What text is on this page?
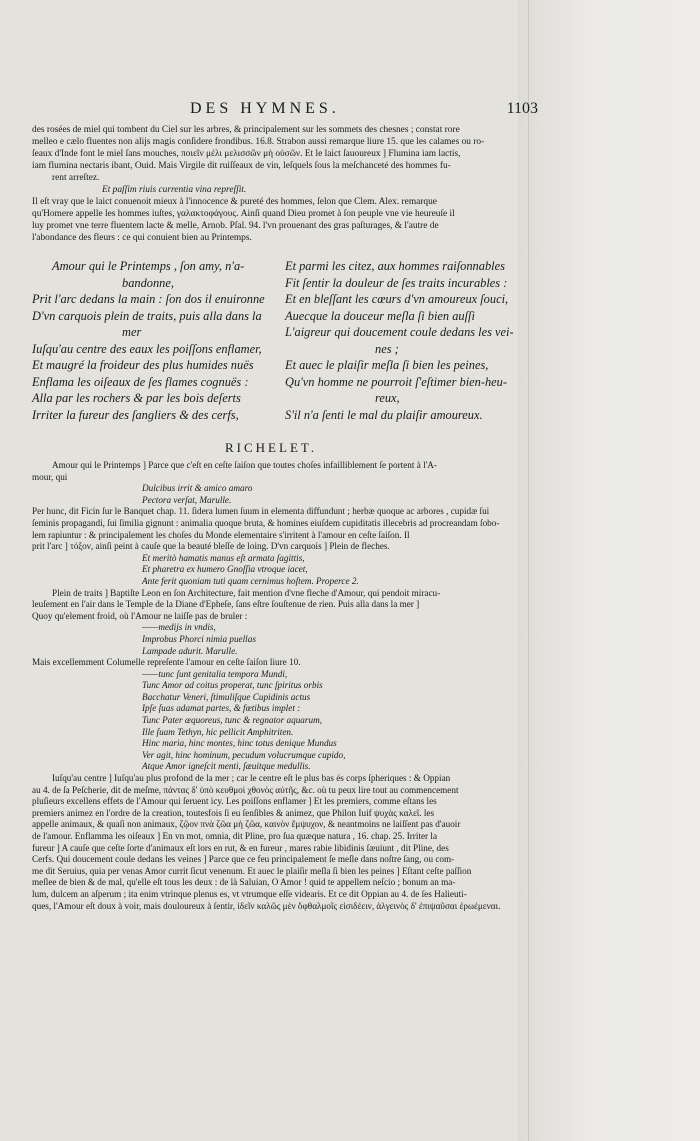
DES HYMNES.	1103

des rosées de miel qui tombent du Ciel sur les arbres, & principalement sur les sommets des chesnes ; constat rore

melleo e cælo fluentes non alijs magis conſidere frondibus. 16.8. Strabon aussi remarque liure 15. que les calames ou ro-

ſeaux d'Inde font le miel ſans mouches, ποιεῖν μέλι μελισσῶν μὴ οὐσῶν. Et le laict ſauoureux ] Flumina iam lactis,

iam flumina nectaris ibant, Ouid. Mais Virgile dit ruiſſeaux de vin, leſquels ſous la meſchanceté des hommes fu-

rent arreſtez.

Et paſſim riuis currentia vina repreſſit.

Il eſt vray que le laict conuenoit mieux à l'innocence & pureté des hommes, ſelon que Clem. Alex. remarque

qu'Homere appelle les hommes iuſtes, γαλακτοφάγους. Ainſi quand Dieu promet à ſon peuple vne vie heureuſe il

luy promet vne terre fluentem lacte & melle, Arnob. Pſal. 94. l'vn prouenant des gras paſturages, & l'autre de

l'abondance des fleurs : ce qui conuient bien au Printemps.

Amour qui le Printemps , ſon amy, n'a-
bandonne,
Prit l'arc dedans la main : ſon dos il enuironne
D'vn carquois plein de traits, puis alla dans la
mer
Iuſqu'au centre des eaux les poiſſons enflamer,
Et maugré la froideur des plus humides nuës
Enflama les oiſeaux de ſes flames cognuës :
Alla par les rochers & par les bois deſerts
Irriter la fureur des ſangliers & des cerfs,
Et parmi les citez, aux hommes raiſonnables
Fit ſentir la douleur de ſes traits incurables :
Et en bleſſant les cœurs d'vn amoureux ſouci,
Auecque la douceur meſla ſi bien auſſi
L'aigreur qui doucement coule dedans les vei-
nes ;
Et auec le plaiſir meſla ſi bien les peines,
Qu'vn homme ne pourroit ſ'eſtimer bien-heu-
reux,
S'il n'a ſenti le mal du plaiſir amoureux.
RICHELET.

Amour qui le Printemps ] Parce que c'eſt en ceſte ſaiſon que toutes choſes infailliblement ſe portent à l'A-

mour, qui

Dulcibus irrit & amico amaro

Pectora verſat, Marulle.

Per hunc, dit Ficin ſur le Banquet chap. 11. ſidera lumen ſuum in elementa diffundunt ; herbæ quoque ac arbores , cupidæ ſui

ſeminis propagandi, ſui ſimilia gignunt : animalia quoque bruta, & homines eiuſdem cupiditatis illecebris ad procreandam ſobo-

lem rapiuntur : & principalement les choſes du Monde elementaire s'irritent à l'amour en ceſte ſaiſon. Il

prit l'arc ] τόξον, ainſi peint à cauſe que la beauté bleſſe de loing. D'vn carquois ] Plein de fleches.

Et meritò hamatis manus eſt armata ſagittis,

Et pharetra ex humero Gnoſſia vtroque iacet,

Ante ferit quoniam tuti quam cernimus hoſtem. Properce 2.

Plein de traits ] Baptiſte Leon en ſon Architecture, fait mention d'vne fleche d'Amour, qui pendoit miracu-

leuſement en l'air dans le Temple de la Diane d'Epheſe, ſans eſtre ſouſtenue de rien. Puis alla dans la mer ]

Quoy qu'element froid, où l'Amour ne laiſſe pas de bruler :

——medijs in vndis,

Improbus Phorci nimia puellas

Lampade adurit. Marulle.

Mais excellemment Columelle repreſente l'amour en ceſte ſaiſon liure 10.

——tunc ſunt genitalia tempora Mundi,

Tunc Amor ad coitus properat, tunc ſpiritus orbis

Bacchatur Veneri, ſtimuliſque Cupidinis actus

Ipſe ſuas adamat partes, & fœtibus implet :

Tunc Pater æquoreus, tunc & regnator aquarum,

Ille ſuam Tethyn, hic pellicit Amphitriten.

Hinc maria, hinc montes, hinc totus denique Mundus

Ver agit, hinc hominum, pecudum volucrumque cupido,

Atque Amor igneſcit menti, ſæuitque medullis.

Iuſqu'au centre ] Iuſqu'au plus profond de la mer ; car le centre eſt le plus bas és corps ſpheriques : & Oppian

au 4. de ſa Peſcherie, dit de meſme, πάντας δ' ὑπὸ κευθμοὶ χθονὸς αὐτῆς, &c. où tu peux lire tout au commencement

pluſieurs excellens effets de l'Amour qui ſeruent icy. Les poiſſons enflamer ] Et les premiers, comme eſtans les

premiers animez en l'ordre de la creation, toutesfois ſi eu ſenſibles & animez, que Philon Iuif ψυχὰς καλεῖ. les

appelle animaux, & quaſi non animaux, ζῷον πνὰ ζῶα μὴ ζῶα, καινὸν ἔμψυχον, & neantmoins ne laiſſent pas d'auoir

de l'amour. Enflamma les oiſeaux ] En vn mot, omnia, dit Pline, pro ſua quæque natura , 16. chap. 25. Irriter la

fureur ] A cauſe que ceſte ſorte d'animaux eſt lors en rut, & en fureur , mares rabie libidinis ſæuiunt , dit Pline, des

Cerfs. Qui doucement coule dedans les veines ] Parce que ce feu principalement ſe meſle dans noſtre ſang, ou com-

me dit Seruius, quia per venas Amor currit ſicut venenum. Et auec le plaiſir meſla ſi bien les peines ] Eſtant ceſte paſſion

meſlee de bien & de mal, qu'elle eſt tous les deux : de là Saluian, O Amor ! quid te appellem neſcio ; bonum an ma-

lum, dulcem an aſperum ; ita enim vtrinque plenus es, vt vtrumque eſſe videaris. Et ce dit Oppian au 4. de ſes Halieuti-

ques, l'Amour eſt doux à voir, mais douloureux à ſentir, ἰδεῖν καλῶς μὲν ὄφθαλμοῖς εἰσιδέειν, ἀλγεινὸς δ' ἐπιψαῦσαι ἐρωέμεναι.
